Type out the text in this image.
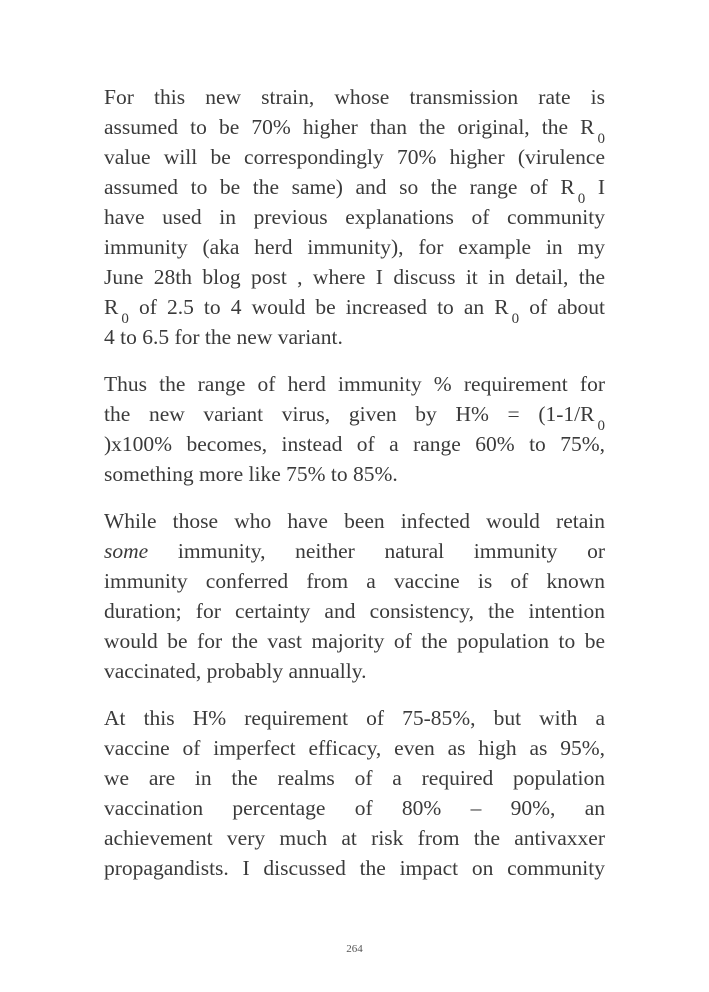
For this new strain, whose transmission rate is
assumed to be 70% higher than the original, the R $_0$
value will be correspondingly 70% higher (virulence
assumed to be the same) and so the range of R $_0$ I
have used in previous explanations of community
immunity (aka herd immunity), for example in my
June 28th blog post , where I discuss it in detail, the
R $_0$ of 2.5 to 4 would be increased to an R $_0$ of about
4 to 6.5 for the new variant.
Thus the range of herd immunity % requirement for
the new variant virus, given by H% = (1-1/R $_0$
)x100% becomes, instead of a range 60% to 75%,
something more like 75% to 85%.
While those who have been infected would retain
some immunity, neither natural immunity or
immunity conferred from a vaccine is of known
duration; for certainty and consistency, the intention
would be for the vast majority of the population to be
vaccinated, probably annually.
At this H% requirement of 75-85%, but with a
vaccine of imperfect efficacy, even as high as 95%,
we are in the realms of a required population
vaccination percentage of 80% – 90%, an
achievement very much at risk from the antivaxxer
propagandists. I discussed the impact on community
264
